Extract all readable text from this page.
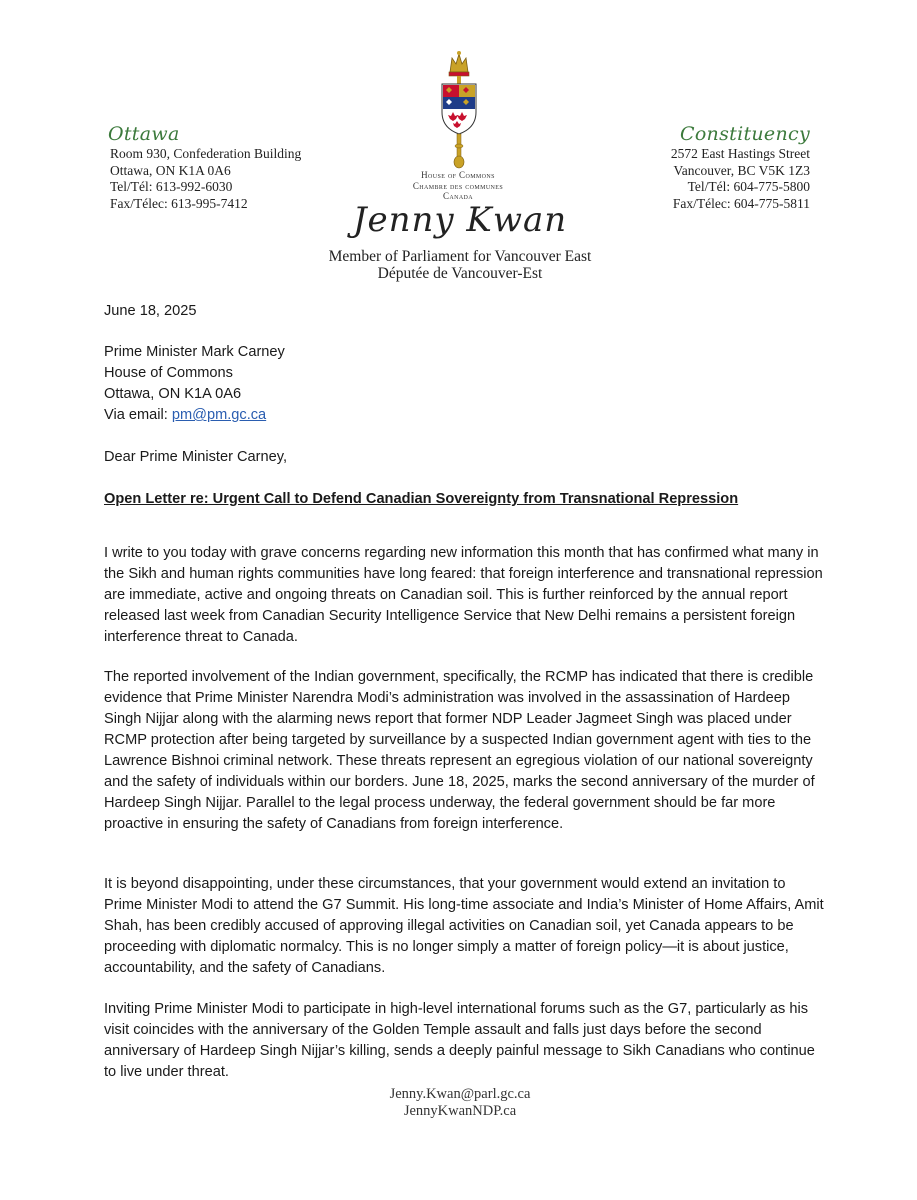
Ottawa
Room 930, Confederation Building
Ottawa, ON K1A 0A6
Tel/Tél: 613-992-6030
Fax/Télec: 613-995-7412
House of Commons
Chambre des communes
Canada
Jenny Kwan
Member of Parliament for Vancouver East
Députée de Vancouver-Est
Constituency
2572 East Hastings Street
Vancouver, BC V5K 1Z3
Tel/Tél: 604-775-5800
Fax/Télec: 604-775-5811
June 18, 2025
Prime Minister Mark Carney
House of Commons
Ottawa, ON K1A 0A6
Via email: pm@pm.gc.ca
Dear Prime Minister Carney,
Open Letter re: Urgent Call to Defend Canadian Sovereignty from Transnational Repression

I write to you today with grave concerns regarding new information this month that has confirmed what many in the Sikh and human rights communities have long feared: that foreign interference and transnational repression are immediate, active and ongoing threats on Canadian soil. This is further reinforced by the annual report released last week from Canadian Security Intelligence Service that New Delhi remains a persistent foreign interference threat to Canada.

The reported involvement of the Indian government, specifically, the RCMP has indicated that there is credible evidence that Prime Minister Narendra Modi’s administration was involved in the assassination of Hardeep Singh Nijjar along with the alarming news report that former NDP Leader Jagmeet Singh was placed under RCMP protection after being targeted by surveillance by a suspected Indian government agent with ties to the Lawrence Bishnoi criminal network. These threats represent an egregious violation of our national sovereignty and the safety of individuals within our borders. June 18, 2025, marks the second anniversary of the murder of Hardeep Singh Nijjar. Parallel to the legal process underway, the federal government should be far more proactive in ensuring the safety of Canadians from foreign interference.

It is beyond disappointing, under these circumstances, that your government would extend an invitation to Prime Minister Modi to attend the G7 Summit. His long-time associate and India’s Minister of Home Affairs, Amit Shah, has been credibly accused of approving illegal activities on Canadian soil, yet Canada appears to be proceeding with diplomatic normalcy. This is no longer simply a matter of foreign policy—it is about justice, accountability, and the safety of Canadians.

Inviting Prime Minister Modi to participate in high-level international forums such as the G7, particularly as his visit coincides with the anniversary of the Golden Temple assault and falls just days before the second anniversary of Hardeep Singh Nijjar’s killing, sends a deeply painful message to Sikh Canadians who continue to live under threat.

Jenny.Kwan@parl.gc.ca
JennyKwanNDP.ca
